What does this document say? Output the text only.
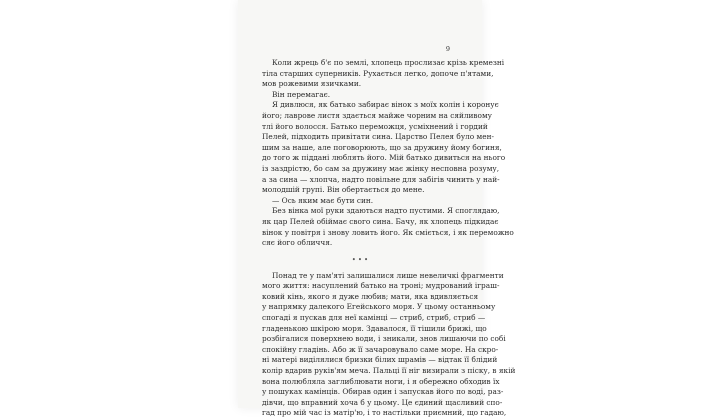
9

Коли жрець б'є по землі, хлопець прослизає крізь кремезні
тіла старших суперників. Рухається легко, допоче п'ятами,
мов рожевими язичками.

Він перемагає.

Я дивлюся, як батько забирає вінок з моїх колін і коронує
його; лаврове листя здається майже чорним на сяйливому
тлі його волосся. Батько переможця, усміхнений і гордий
Пелей, підходить привітати сина. Царство Пелея було мен-
шим за наше, але поговорюють, що за дружину йому богиня,
до того ж піддані люблять його. Мій батько дивиться на нього
із заздрістю, бо сам за дружину має жінку несповна розуму,
а за сина — хлопча, надто повільне для забігів чинить у най-
молодшій групі. Він обертається до мене.

— Ось яким має бути син.

Без вінка мої руки здаються надто пустими. Я споглядаю,
як цар Пелей обіймає свого сина. Бачу, як хлопець підкидає
вінок у повітря і знову ловить його. Як сміється, і як переможно
сяє його обличчя.

•••

Понад те у пам'яті залишалися лише невеличкі фрагменти
мого життя: насуплений батько на троні; мудрований іграш-
ковий кінь, якого я дуже любив; мати, яка вдивляється
у напрямку далекого Егейського моря. У цьому останньому
спогаді я пускав для неї камінці — стриб, стриб, стриб —
гладенькою шкірою моря. Здавалося, її тішили брижі, що
розбігалися поверхнею води, і зникали, знов лишаючи по собі
спокійну гладінь. Або ж її зачаровувало саме море. На скро-
ні матері виділялися бризки білих шрамів — відтак її блідий
колір вдарив руків'ям меча. Пальці її ніг визирали з піску, в якій
вона полюбляла заглиблювати ноги, і я обережно обходив їх
у пошуках камінців. Обирав один і запускав його по воді, раз-
дівчи, що вправний хоча б у цьому. Це єдиний щасливий спо-
гад про мій час із матір'ю, і то настільки приємний, що гадаю,
